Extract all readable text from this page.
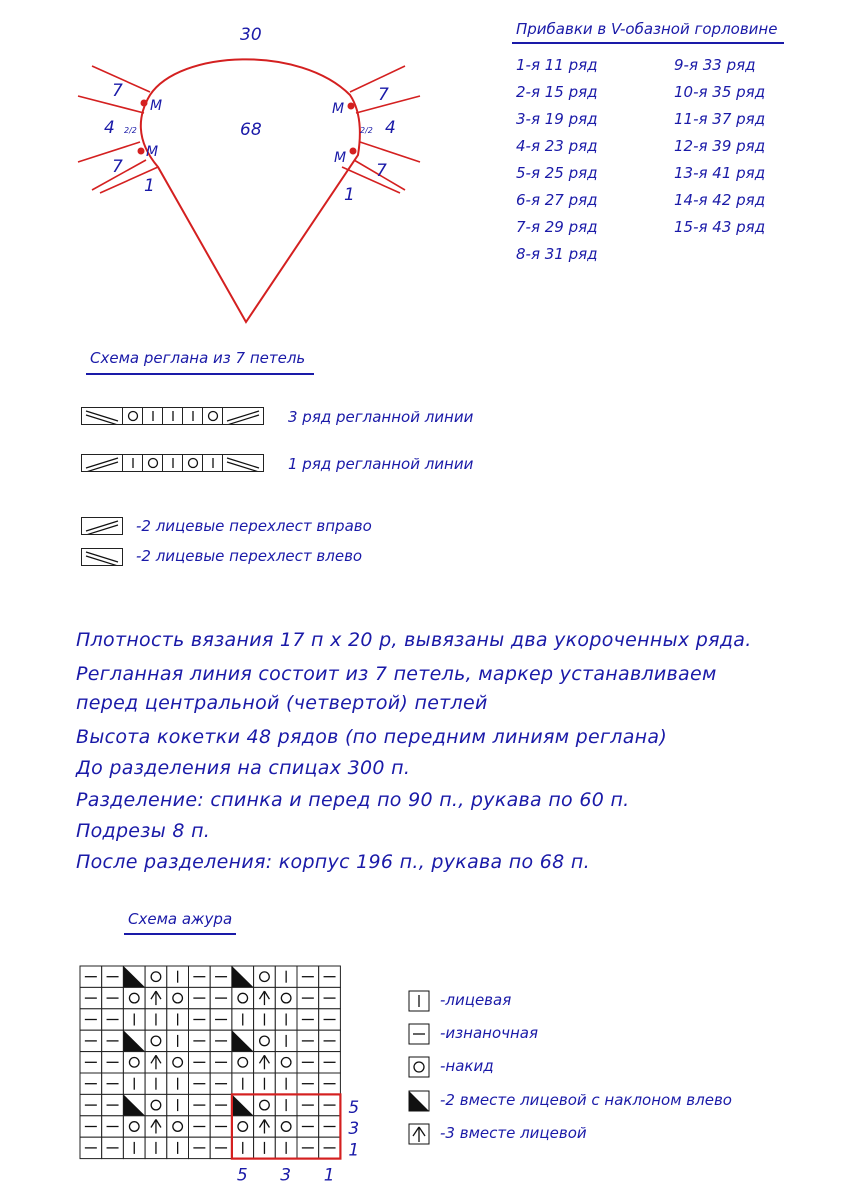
30
68
7
4
7
1
7
4
7
1
M
M
M
M
2/2	2/2
Прибавки в V-обазной горловине
1-я 11 ряд
2-я 15 ряд
3-я 19 ряд
4-я 23 ряд
5-я 25 ряд
6-я 27 ряд
7-я 29 ряд
8-я 31 ряд
9-я 33 ряд
10-я 35 ряд
11-я 37 ряд
12-я 39 ряд
13-я 41 ряд
14-я 42 ряд
15-я 43 ряд
Схема реглана из 7 петель
3 ряд регланной линии
1 ряд регланной линии
-2 лицевые перехлест вправо
-2 лицевые перехлест влево
Плотность вязания 17 п х 20 р, вывязаны два укороченных ряда.
Регланная линия состоит из 7 петель, маркер устанавливаем
перед центральной (четвертой) петлей
Высота кокетки 48 рядов (по передним линиям реглана)
До разделения на спицах 300 п.
Разделение: спинка и перед по 90 п., рукава по 60 п.
Подрезы 8 п.
После разделения: корпус 196 п., рукава по 68 п.
Схема ажура
5
3
1
5 3 1
-лицевая
-изнаночная
-накид
-2 вместе лицевой с наклоном влево
-3 вместе лицевой
